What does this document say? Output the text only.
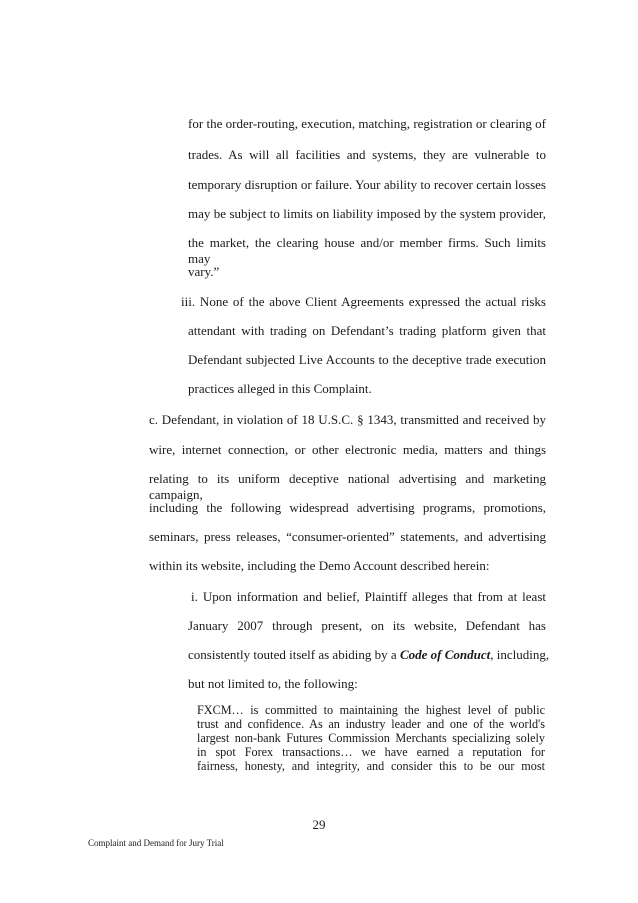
for the order-routing, execution, matching, registration or clearing of
trades. As will all facilities and systems, they are vulnerable to
temporary disruption or failure. Your ability to recover certain losses
may be subject to limits on liability imposed by the system provider,
the market, the clearing house and/or member firms. Such limits may
vary.”
iii. None of the above Client Agreements expressed the actual risks
attendant with trading on Defendant’s trading platform given that
Defendant subjected Live Accounts to the deceptive trade execution
practices alleged in this Complaint.
c. Defendant, in violation of 18 U.S.C. § 1343, transmitted and received by
wire, internet connection, or other electronic media, matters and things
relating to its uniform deceptive national advertising and marketing campaign,
including the following widespread advertising programs, promotions,
seminars, press releases, “consumer-oriented” statements, and advertising
within its website, including the Demo Account described herein:
i. Upon information and belief, Plaintiff alleges that from at least
January 2007 through present, on its website, Defendant has
consistently touted itself as abiding by a Code of Conduct, including,
but not limited to, the following:
FXCM… is committed to maintaining the highest level of public
trust and confidence. As an industry leader and one of the world's
largest non-bank Futures Commission Merchants specializing solely
in spot Forex transactions… we have earned a reputation for
fairness, honesty, and integrity, and consider this to be our most
29
Complaint and Demand for Jury Trial
